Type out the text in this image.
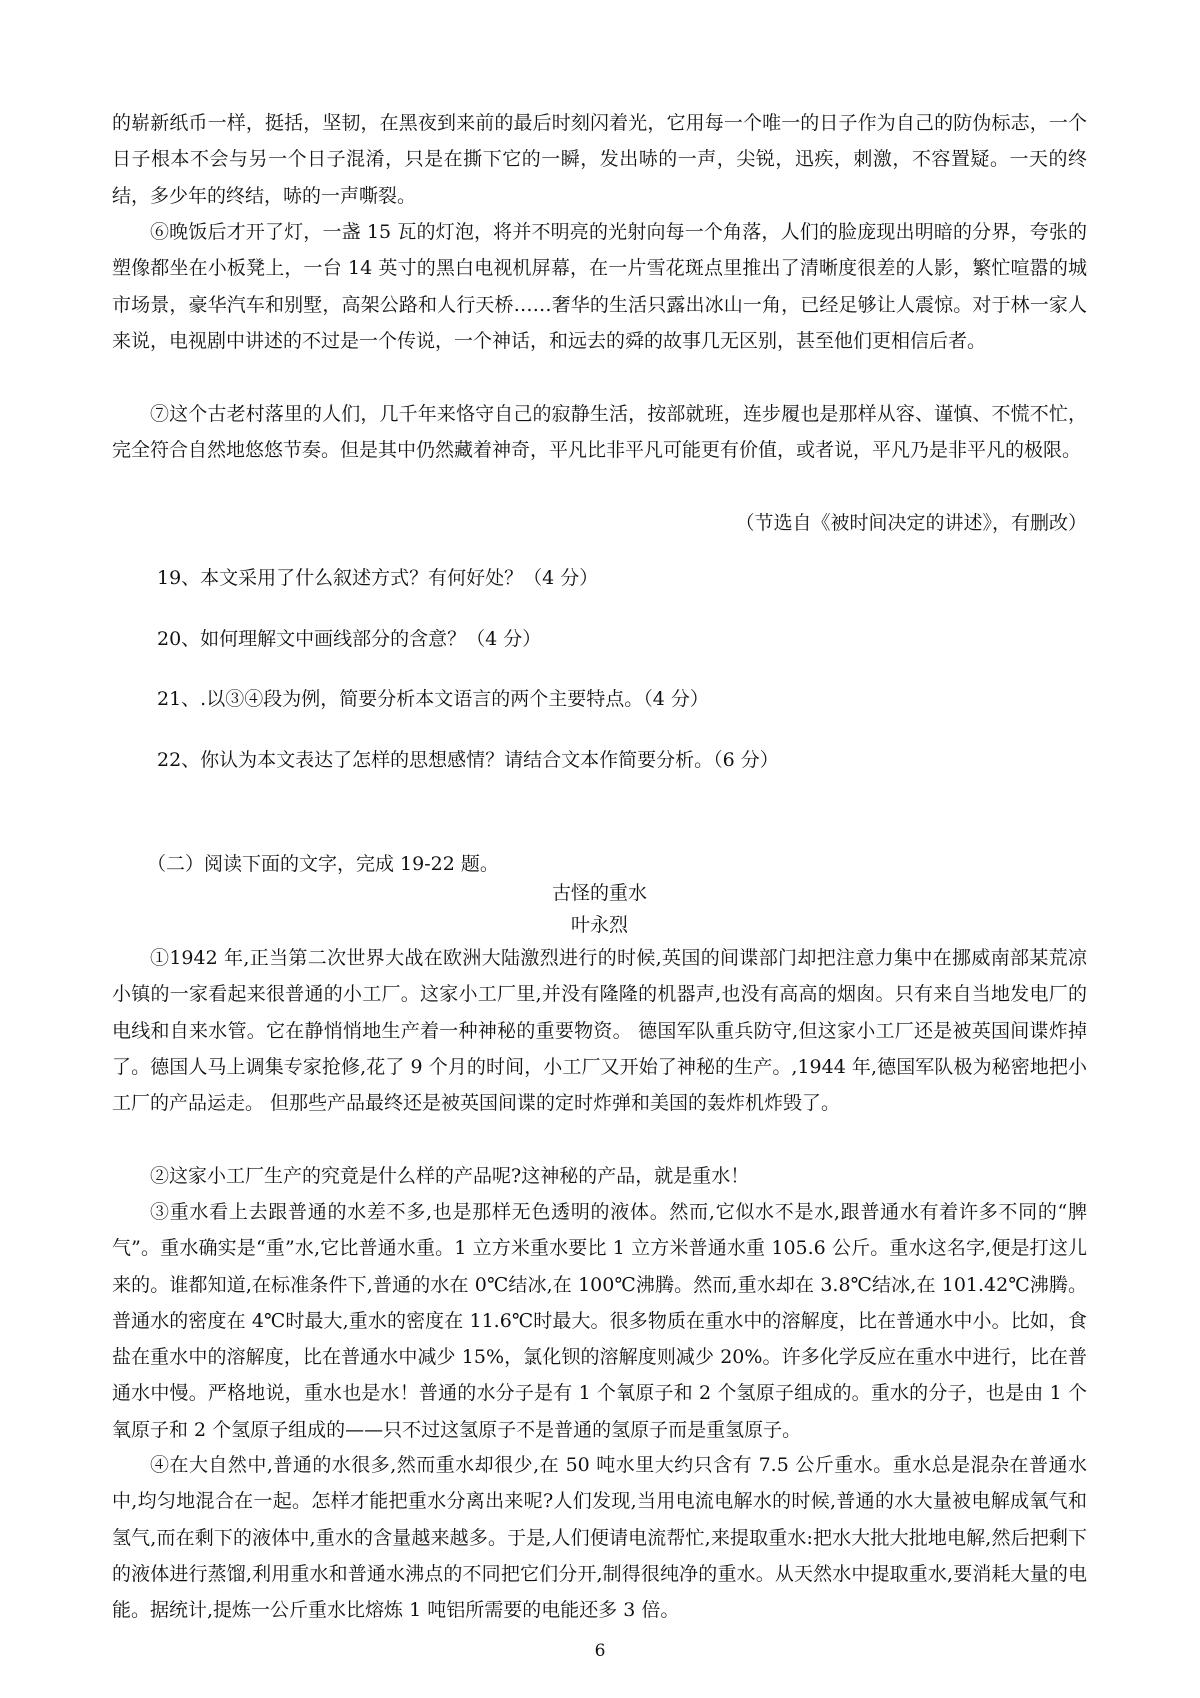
的崭新纸币一样，挺括，坚韧，在黑夜到来前的最后时刻闪着光，它用每一个唯一的日子作为自己的防伪标志，一个日子根本不会与另一个日子混淆，只是在撕下它的一瞬，发出哧的一声，尖锐，迅疾，刺激，不容置疑。一天的终结，多少年的终结，哧的一声嘶裂。

⑥晚饭后才开了灯，一盏 15 瓦的灯泡，将并不明亮的光射向每一个角落，人们的脸庞现出明暗的分界，夸张的塑像都坐在小板凳上，一台 14 英寸的黑白电视机屏幕，在一片雪花斑点里推出了清晰度很差的人影，繁忙喧嚣的城市场景，豪华汽车和别墅，高架公路和人行天桥……奢华的生活只露出冰山一角，已经足够让人震惊。对于林一家人来说，电视剧中讲述的不过是一个传说，一个神话，和远去的舜的故事几无区别，甚至他们更相信后者。

⑦这个古老村落里的人们，几千年来恪守自己的寂静生活，按部就班，连步履也是那样从容、谨慎、不慌不忙，完全符合自然地悠悠节奏。但是其中仍然藏着神奇，平凡比非平凡可能更有价值，或者说，平凡乃是非平凡的极限。

（节选自《被时间决定的讲述》，有删改）

19、本文采用了什么叙述方式？有何好处？（4 分）

20、如何理解文中画线部分的含意？（4 分）

21、.以③④段为例，简要分析本文语言的两个主要特点。（4 分）

22、你认为本文表达了怎样的思想感情？请结合文本作简要分析。（6 分）

（二）阅读下面的文字，完成 19-22 题。

古怪的重水

叶永烈

①1942 年,正当第二次世界大战在欧洲大陆激烈进行的时候,英国的间谍部门却把注意力集中在挪威南部某荒凉小镇的一家看起来很普通的小工厂。这家小工厂里,并没有隆隆的机器声,也没有高高的烟囱。只有来自当地发电厂的电线和自来水管。它在静悄悄地生产着一种神秘的重要物资。 德国军队重兵防守,但这家小工厂还是被英国间谍炸掉了。德国人马上调集专家抢修,花了 9 个月的时间，小工厂又开始了神秘的生产。,1944 年,德国军队极为秘密地把小工厂的产品运走。 但那些产品最终还是被英国间谍的定时炸弹和美国的轰炸机炸毁了。

②这家小工厂生产的究竟是什么样的产品呢?这神秘的产品，就是重水！

③重水看上去跟普通的水差不多,也是那样无色透明的液体。然而,它似水不是水,跟普通水有着许多不同的“脾气”。重水确实是“重”水,它比普通水重。1 立方米重水要比 1 立方米普通水重 105.6 公斤。重水这名字,便是打这儿来的。谁都知道,在标准条件下,普通的水在 0℃结冰,在 100℃沸腾。然而,重水却在 3.8℃结冰,在 101.42℃沸腾。普通水的密度在 4℃时最大,重水的密度在 11.6℃时最大。很多物质在重水中的溶解度，比在普通水中小。比如，食盐在重水中的溶解度，比在普通水中减少 15%，氯化钡的溶解度则减少 20%。许多化学反应在重水中进行，比在普通水中慢。严格地说，重水也是水！普通的水分子是有 1 个氧原子和 2 个氢原子组成的。重水的分子，也是由 1 个氧原子和 2 个氢原子组成的——只不过这氢原子不是普通的氢原子而是重氢原子。

④在大自然中,普通的水很多,然而重水却很少,在 50 吨水里大约只含有 7.5 公斤重水。重水总是混杂在普通水中,均匀地混合在一起。怎样才能把重水分离出来呢?人们发现,当用电流电解水的时候,普通的水大量被电解成氧气和氢气,而在剩下的液体中,重水的含量越来越多。于是,人们便请电流帮忙,来提取重水:把水大批大批地电解,然后把剩下的液体进行蒸馏,利用重水和普通水沸点的不同把它们分开,制得很纯净的重水。从天然水中提取重水,要消耗大量的电能。据统计,提炼一公斤重水比熔炼 1 吨铝所需要的电能还多 3 倍。

6
